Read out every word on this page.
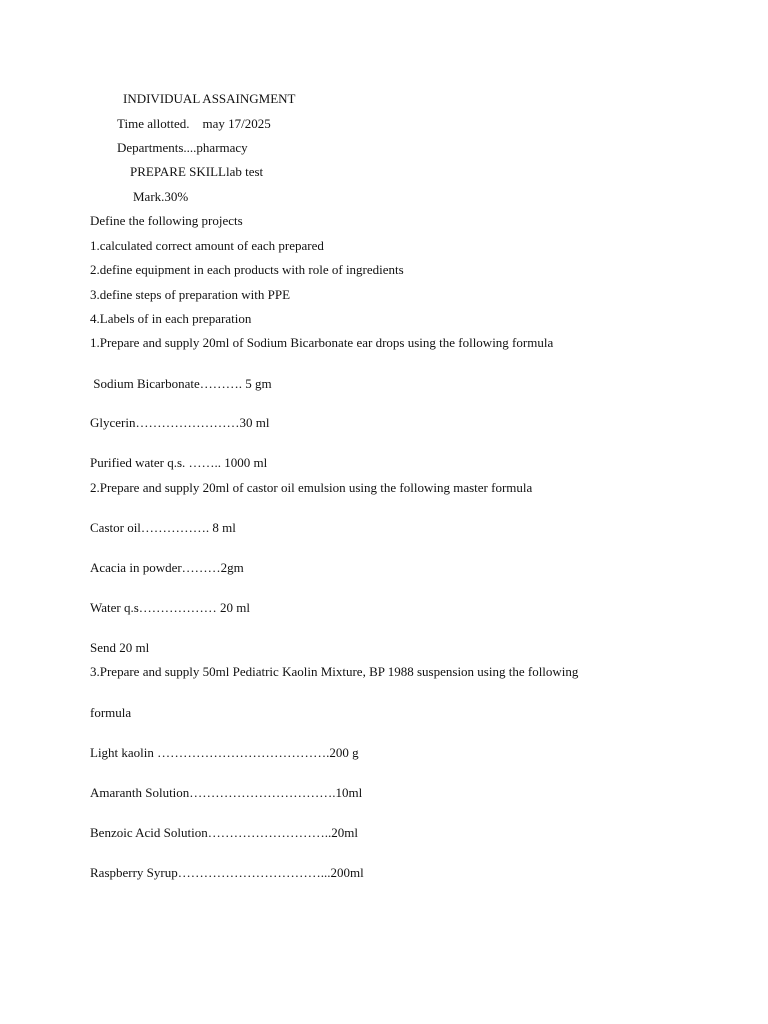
INDIVIDUAL ASSAINGMENT
Time allotted.    may 17/2025
Departments....pharmacy
PREPARE SKILLlab test
Mark.30%
Define the following projects
1.calculated correct amount of each prepared
2.define equipment in each products with role of ingredients
3.define steps of preparation with PPE
4.Labels of in each preparation
1.Prepare and supply 20ml of Sodium Bicarbonate ear drops using the following formula
Sodium Bicarbonate………. 5 gm
Glycerin……………………30 ml
Purified water q.s. …….. 1000 ml
2.Prepare and supply 20ml of castor oil emulsion using the following master formula
Castor oil……………. 8 ml
Acacia in powder………2gm
Water q.s……………… 20 ml
Send 20 ml
3.Prepare and supply 50ml Pediatric Kaolin Mixture, BP 1988 suspension using the following
formula
Light kaolin ………………………………….200 g
Amaranth Solution…………………………….10ml
Benzoic Acid Solution………………………..20ml
Raspberry Syrup……………………………...200ml
